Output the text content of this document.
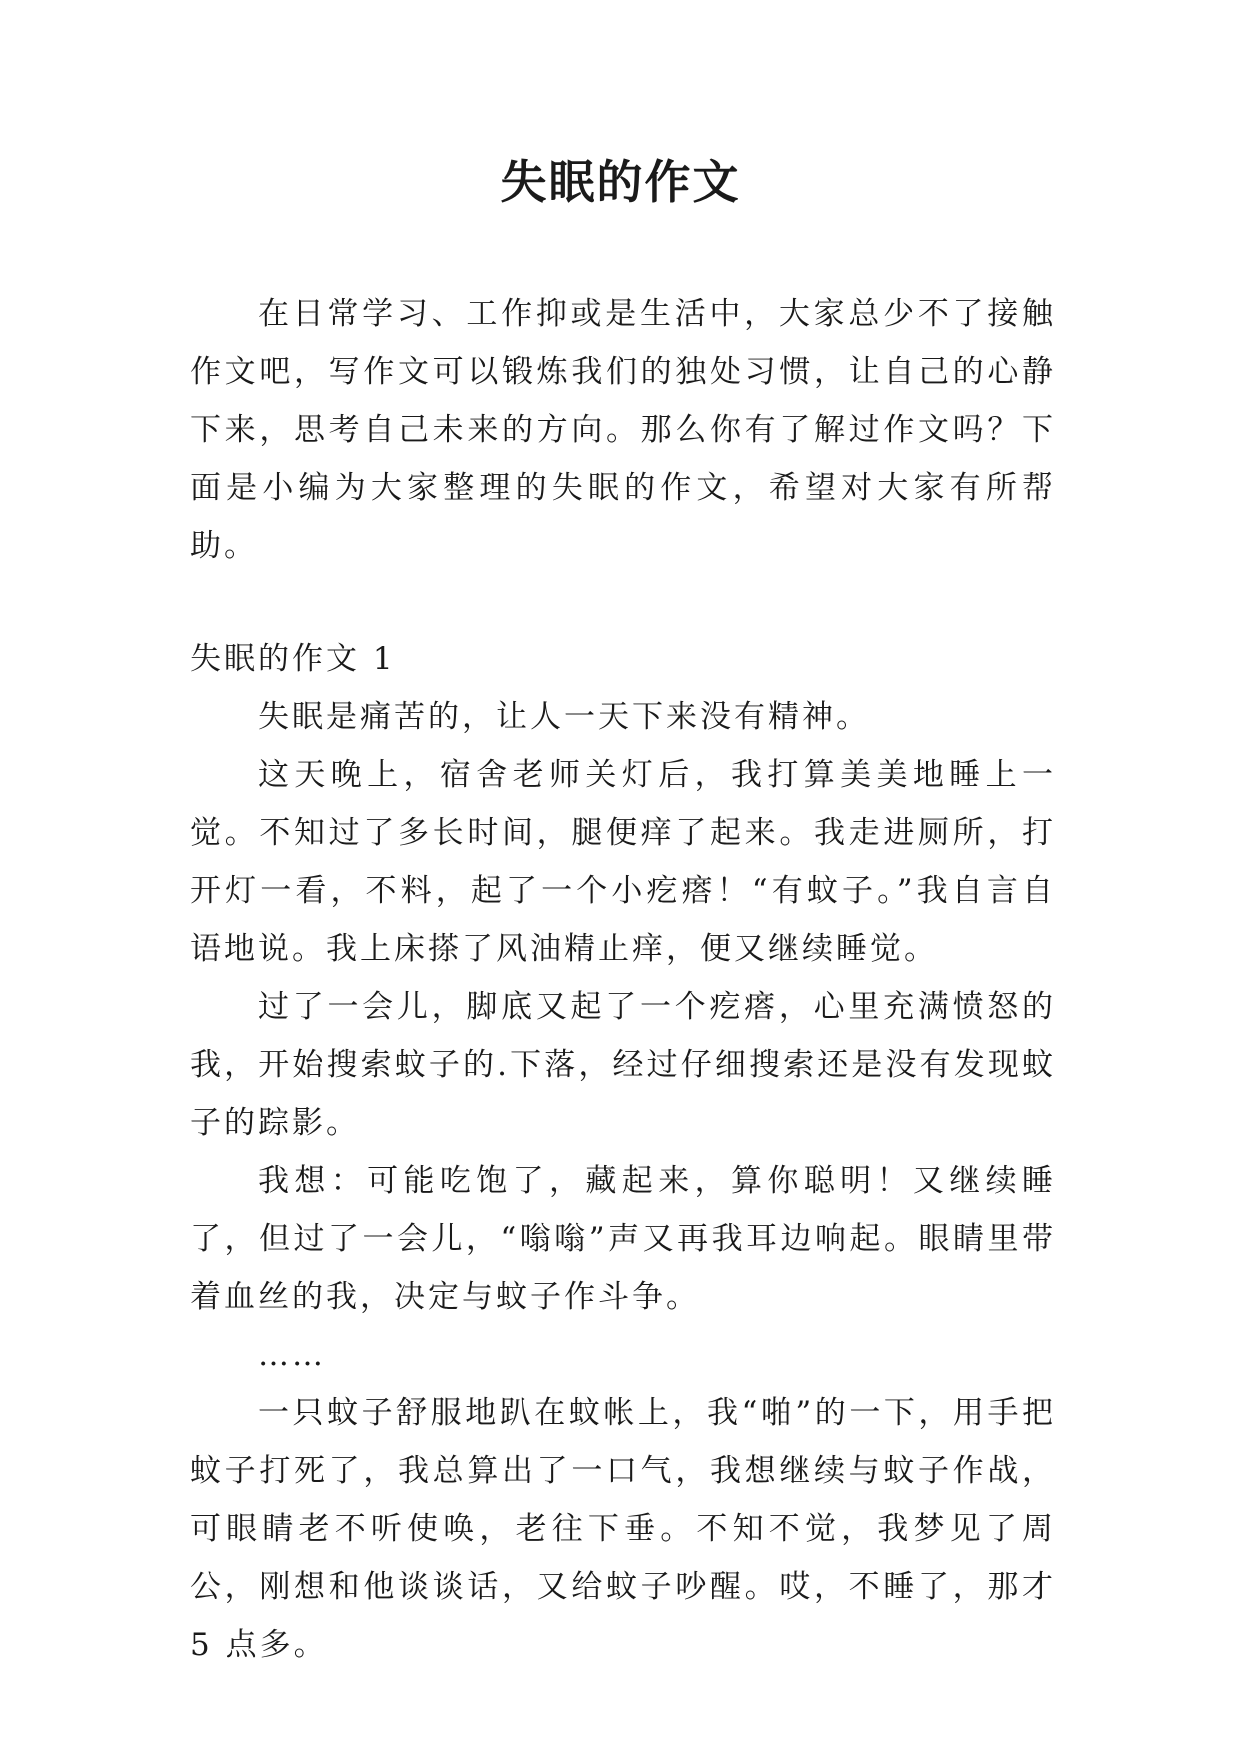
失眠的作文

在日常学习、工作抑或是生活中，大家总少不了接触作文吧，写作文可以锻炼我们的独处习惯，让自己的心静下来，思考自己未来的方向。那么你有了解过作文吗？下面是小编为大家整理的失眠的作文，希望对大家有所帮助。

失眠的作文 1

失眠是痛苦的，让人一天下来没有精神。

这天晚上，宿舍老师关灯后，我打算美美地睡上一觉。不知过了多长时间，腿便痒了起来。我走进厕所，打开灯一看，不料，起了一个小疙瘩！“有蚊子。”我自言自语地说。我上床搽了风油精止痒，便又继续睡觉。

过了一会儿，脚底又起了一个疙瘩，心里充满愤怒的我，开始搜索蚊子的.下落，经过仔细搜索还是没有发现蚊子的踪影。

我想：可能吃饱了，藏起来，算你聪明！又继续睡了，但过了一会儿，“嗡嗡”声又再我耳边响起。眼睛里带着血丝的我，决定与蚊子作斗争。

……

一只蚊子舒服地趴在蚊帐上，我“啪”的一下，用手把蚊子打死了，我总算出了一口气，我想继续与蚊子作战，可眼睛老不听使唤，老往下垂。不知不觉，我梦见了周公，刚想和他谈谈话，又给蚊子吵醒。哎，不睡了，那才 5 点多。
